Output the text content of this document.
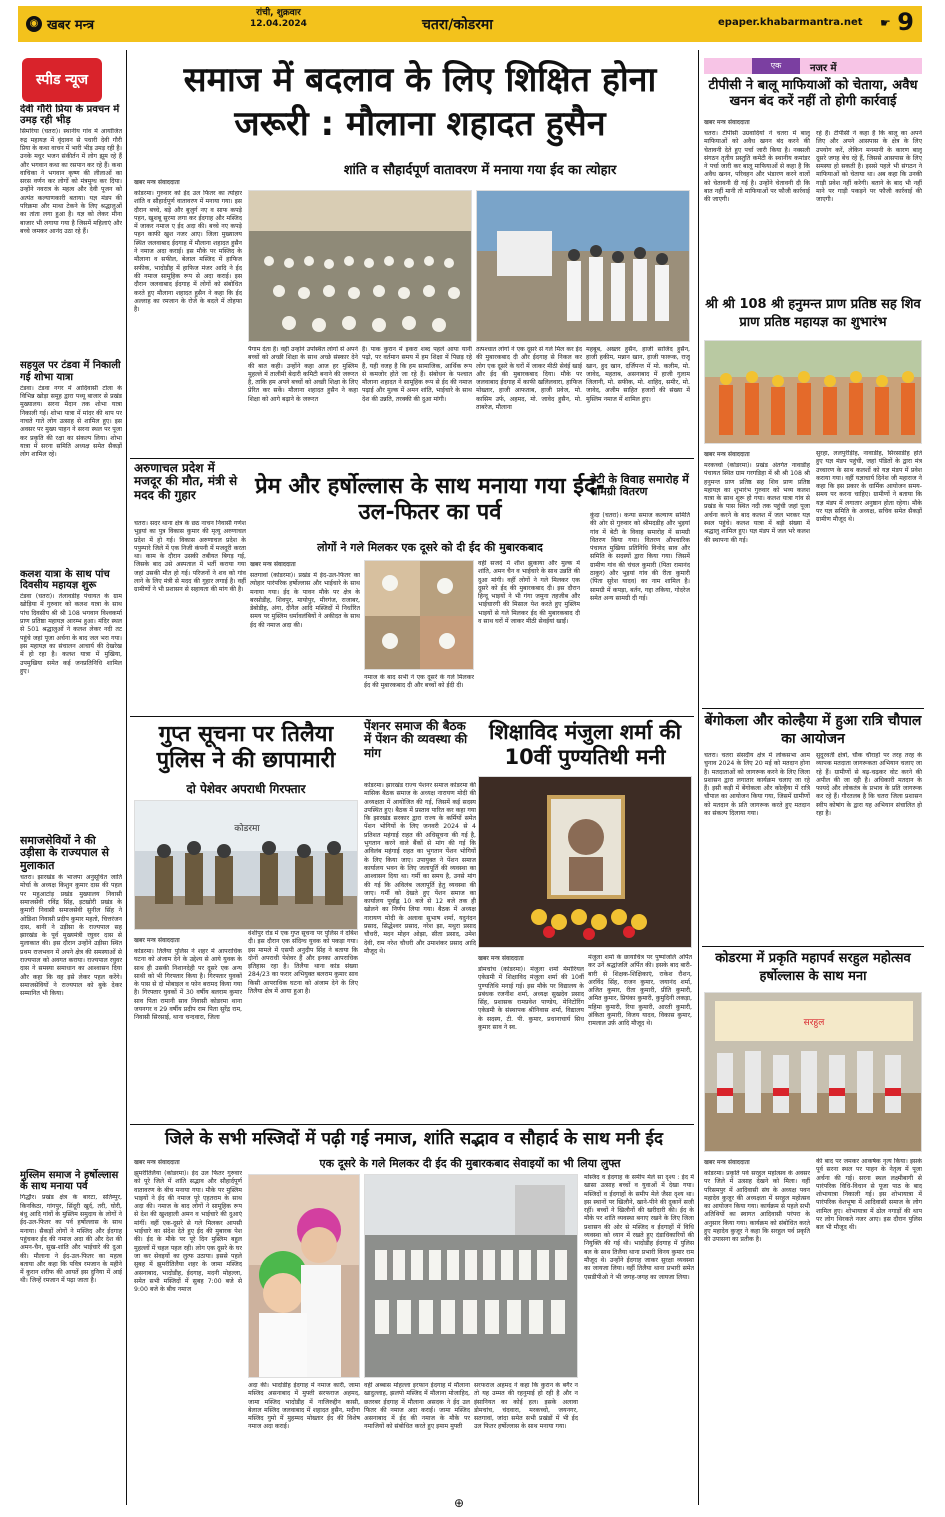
◉ खबर मन्त्र
रांची, शुक्रवार
12.04.2024	चतरा/कोडरमा	epaper.khabarmantra.net ☛ 9
स्पीड न्यूज
देवी गौरी प्रिया के प्रवचन में उमड़ रही भीड़
सिमरिया (चतरा)। स्थानीय गांव में आयोजित रुद्र महायज्ञ में वृंदावन से पधारी देवी गौरी प्रिया के कथा वाचन में भारी भीड़ उमड़ रही है। उनके मधुर भजन संकीर्तन में लोग झूम रहे हैं और भगवान कथा का रसपान कर रहे हैं। कथा वाचिका ने भगवान कृष्ण की लीलाओं का सरस वर्णन कर लोगों को मंत्रमुग्ध कर दिया। उन्होंने नवरात्र के महत्व और देवी पूजन को अत्यंत कल्याणकारी बताया। यज्ञ मंडप की परिक्रमा और माथा टेकने के लिए श्रद्धालुओं का तांता लगा हुआ है। यज्ञ को लेकर मीना बाजार भी लगाया गया है जिसमें महिलाएं और बच्चे जमकर आनंद उठा रहे हैं।
सहयुल पर टंडवा में निकाली गई शोभा यात्रा
टंडवा। टंडवा नगर में आदिवासी टोला के विभिन्न खोड़ा समूह द्वारा पथ्यू बाजार से प्रखंड मुख्यालय। सरना मैदान तक शोभा यात्रा निकाली गई। शोभा यात्रा में मांदर की थाप पर नाचते गाते लोग उत्साह से शामिल हुए। इस अवसर पर मुख्य पाहन ने सरना स्थल पर पूजा कर प्रकृति की रक्षा का संकल्प लिया। शोभा यात्रा में सरना समिति अध्यक्ष समेत सैकड़ों लोग शामिल रहे।
कलश यात्रा के साथ पांच दिवसीय महायज्ञ शुरू
टंडवा (चतरा)। तेलावडीह पंचायत के ग्राम खोड़िया में गुरुवार को कलश यात्रा के साथ पांच दिवसीय श्री श्री 108 भगवान विश्वकर्मा प्राण प्रतिष्ठा महायज्ञ आरम्भ हुआ। मंदिर स्थल से 501 श्रद्धालुओं ने कलश लेकर नदी तट पहुंचे जहां पूजा अर्चना के बाद जल भरा गया। इस महायज्ञ का संचालन आचार्य की देखरेख में हो रहा है। कलश यात्रा में मुखिया, उपमुखिया समेत कई जनप्रतिनिधि शामिल हुए।
समाजसेवियों ने की उड़ीसा के राज्यपाल से मुलाकात
चतरा। झारखंड के भाजपा अनुसूचित जाति मोर्चा के अध्यक्ष किशुन कुमार दास की पहल पर महुआटांड़ प्रखंड मुख्यालय निवासी समाजसेवी रविंद्र सिंह, इटखोरी प्रखंड के कुमारी निवासी समाजसेवी सुनील सिंह ने ओडिशा निवासी प्रदीप कुमार महतो, चित्तरंजन दास, बानी ने उड़ीसा के राज्यपाल सह झारखंड के पूर्व मुख्यमंत्री रघुवर दास से मुलाकात की। इस दौरान उन्होंने उड़ीसा स्थित प्रथम राजभवन में अपने क्षेत्र की समस्याओं से राज्यपाल को अवगत कराया। राज्यपाल रघुवर दास ने समस्या समाधान का आश्वासन दिया और कहा कि वह इसे लेकर पहल करेंगे। समाजसेवियों ने राज्यपाल को बुके देकर सम्मानित भी किया।
मुस्लिम समाज ने हर्षोल्लास के साथ मनाया पर्व
गिद्धौर। प्रखंड क्षेत्र के बारटा, सतिम्पुर, किनकिठा, गांगपुर, सिंदूरी खुर्द, तरी, घोरी, बंधु आदि गांवों के मुस्लिम समुदाय के लोगों ने ईद-उल-फितर का पर्व हर्षोल्लास के साथ मनाया। सैकड़ों लोगों ने मस्जिद और ईदगाह पहुंचकर ईद की नमाज अदा की और देश की अमन-चैन, सुख-शांति और भाईचारे की दुआ की। मौलाना ने ईद-उल-फितर का महत्व बताया और कहा कि पवित्र रमजान के महीने में कुरान शरीफ की आयतें इस दुनिया में आई थी। जिन्हें रमजान में पढ़ा जाता है।
समाज में बदलाव के लिए शिक्षित होना जरूरी : मौलाना शहादत हुसैन
शांति व सौहार्दपूर्ण वातावरण में मनाया गया ईद का त्योहार
खबर मन्त्र संवाददाता
कोडरमा। गुरुवार को ईद उल फितर का त्योहार शांति व सौहार्दपूर्ण वातावरण में मनाया गया। इस दौरान बच्चे, बड़े और बुजुर्ग नए व साफ कपड़े पहन, खुशबू सुरमा लगा कर ईदगाह और मस्जिद में जाकर नमाज ए ईद अदा की। बच्चे नए कपड़े पहन काफी खुश नजर आए। जिला मुख्यालय स्थित जलवाबाद ईदगाह में मौलाना शहादत हुसैन ने नमाज अदा कराई। इस मौके पर मस्जिद के मौलाना व सफील, बेलाल मस्जिद में हाफिज सफीक, भादोडीह में हाफिज मंजर आदि ने ईद की नमाज सामूहिक रूप से अदा कराई। इस दौरान जलवाबाद ईदगाह में लोगों को संबोधित करते हुए मौलाना शहादत हुसैन ने कहा कि ईद अल्लाह का रमजान के रोजे के बदले में तोहफा है।
पैगाम देता है। वहीं उन्होंने उपस्थित लोगों से अपने बच्चों को अच्छी शिक्षा के साथ अच्छे संस्कार देने की बात कही। उन्होंने कहा आज हर मुस्लिम मुहल्ले में तालीमी बेदारी कमिटी बनाने की जरूरत है, ताकि हम अपने बच्चों को अच्छी शिक्षा के लिए प्रेरित कर सकें। मौलाना शहादत हुसैन ने कहा शिक्षा को आगे बढ़ाने के जरूरत
है। पाक कुरान में इकरा शब्द पहले आया यानी पढ़ो, पर वर्तमान समय में हम शिक्षा में पिछड़ रहे हैं, यही वजह है कि हम सामाजिक, आर्थिक रूप से कमजोर होते जा रहे हैं। संबोधन के पश्चात मौलाना शहादत ने सामूहिक रूप से ईद की नमाज पढ़ाई और मुल्क में अमन शांति, भाईचारे के साथ देश की उन्नति, तरक्की की दुआ मांगी।
तत्पश्चात लोगों ने एक दूसरे से गले मिल कर ईद की मुबारकबाद दी और ईदगाह से निकल कर लोग एक दूसरे के घरों में जाकर मीठी सेवंई खाई और ईद की मुबारकबाद दिया। मौके पर जलवाबाद ईदगाह में काफी खलिलवारा, हाफिज मोख्तार, हाजी आफताब, हाजी प्रवेज, मो. कासिम उर्फ, अहमद, मो. जावेद हुसैन, मो. ताबरेज, मौलाना
महबूब, अख्तर हुसैन, हाजी साजिद हुसैन, हाजी हकीम, मन्नान खान, हाजी फारूक, राजू खान, हुद खान, दर्जिपन्त में मो. कलीम, मो. जावेद, महताब, असनाबाद में हाजी गुलाम जिलानी, मो. सफीक, मो. शाहिद, समीर, मो. जावेद, अजीम साहित हजारों की संख्या में मुस्लिम नमाज में शामिल हुए।
अरुणाचल प्रदेश में मजदूर की मौत, मंत्री से मदद की गुहार
चतरा। सदर थाना क्षेत्र के छठ नाचन निवासी गणेश भुइयां का पुत्र विकास कुमार की मृत्यु अरुणाचल प्रदेश में हो गई। विकास अरुणाचल प्रदेश के पपुम्पारे जिले में एक निजी कंपनी में मजदूरी करता था। काम के दौरान उसकी तबीयत बिगड़ गई, जिसके बाद उसे अस्पताल में भर्ती कराया गया जहां उसकी मौत हो गई। परिजनों ने शव को गांव लाने के लिए मंत्री से मदद की गुहार लगाई है। वहीं ग्रामीणों ने भी प्रशासन से सहायता की मांग की है।
प्रेम और हर्षोल्लास के साथ मनाया गया ईद-उल-फितर का पर्व
लोगों ने गले मिलकर एक दूसरे को दी ईद की मुबारकबाद
खबर मन्त्र संवाददाता
सतगावां (कोडरमा)। प्रखंड में ईद-उल-फितर का त्योहार पारंपरिक हर्षोल्लास और भाईचारे के साथ मनाया गया। ईद के पावन मौके पर क्षेत्र के बरसोडीह, शिवपुर, मायोपुर, मीरगंज, राजाबर, डेबोडीह, अंगा, दीनैल आदि मस्जिदों में निर्धारित समय पर मुस्लिम धर्मावलंबियों ने अकीदत के साथ ईद की नमाज अदा की।
नमाज के बाद सभी ने एक दूसरे के गले मिलकर ईद की मुबारकबाद दी और बच्चों को ईदी दी।
वहीं सजदे में शीश झुकाया और मुल्क में शांति, अमन चैन व भाईचारे के साथ उन्नति की दुआ मांगी। वहीं लोगों ने गले मिलकर एक दूसरे को ईद की मुबारकबाद दी। इस दौरान हिन्दू भाइयों ने भी गंगा जमुना तहजीब और भाईचारगी की मिसाल पेश करते हुए मुस्लिम भाइयों से गले मिलकर ईद की मुबारकबाद दी व साथ घरों में जाकर मीठी सेवईयां खाईं।
बेटी के विवाह समारोह में सामग्री वितरण
कुंदा (चतरा)। कन्या समाज कल्याण समिति की ओर से गुरुवार को श्रीमदडीह और भुइयां गांव में बेटी के विवाह समारोह में सामग्री वितरण किया गया। वितरण औपचारिक पंचायत मुखिया प्रतिनिधि विनोद साव और समिति के सदस्यों द्वारा किया गया। जिसमें ग्रामीण गांव की चंचल कुमारी (पिता रामानंद ठाकुर) और भुइयां गांव की रीता कुमारी (पिता सुरेश यादव) का नाम शामिल है। सामग्री में कपड़ा, बर्तन, गद्दा तकिया, गोदरेज समेत अन्य सामग्री दी गई।
गुप्त सूचना पर तिलैया पुलिस ने की छापामारी
दो पेशेवर अपराधी गिरफ्तार
कोडरमा
खबर मन्त्र संवाददाता
कोडरमा। तिलैया पुलिस ने शहर में आपराधिक घटना को अंजाम देने के उद्देश्य से आये युवक के साथ ही उसकी निशानदेही पर दूसरे एक अन्य साथी को भी गिरफ्तार किया है। गिरफ्तार युवकों के पास से दो मोबाइल व फोन बरामद किया गया है। गिरफ्तार युवकों में 30 वर्षीय बलराम कुमार साव पिता रामानी साव निवासी कोडरमा थाना जयनगर व 29 वर्षीय प्रदीप राम पिता सुरेंद्र राम, निवासी सिरसाई, थाना चन्दवारा, जिला
वंशीपुर रोड में एक गुप्त सूचना पर पुलिस ने दबिश दी। इस दौरान एक संदिग्ध युवक को पकड़ा गया। इस मामले में एसपी अनुदीप सिंह ने बताया कि दोनों अपराधी पेशेवर हैं और इनका आपराधिक इतिहास रहा है। तिलैया थाना कांड संख्या 284/23 का फरार अभियुक्त बलराम कुमार साव किसी आपराधिक घटना को अंजाम देने के लिए तिलैया क्षेत्र में आया हुआ है।
पेंशनर समाज की बैठक में पेंशन की व्यवस्था की मांग
कोडरमा। झारखंड राज्य पेंशनर समाज कोडरमा की मासिक बैठक समाज के अध्यक्ष नारायण मोदी की अध्यक्षता में आयोजित की गई, जिसमें कई सदस्य उपस्थित हुए। बैठक में प्रस्ताव पारित कर कहा गया कि झारखंड सरकार द्वारा राज्य के कर्मियों समेत पेंशन भोगियों के लिए जनवरी 2024 से 4 प्रतिशत महंगाई राहत की अधिसूचना की गई है, भुगतान करने वाले बैंकों से मांग की गई कि अविलंब महंगाई राहत का भुगतान पेंशन भोगियों के लिए किया जाए। उपायुक्त ने पेंशन समाज कार्यालय भवन के लिए जलापूर्ति की व्यवस्था का आश्वासन दिया था। गर्मी का समय है, उनसे मांग की गई कि अविलंब जलापूर्ति हेतु व्यवस्था की जाए। गर्मी को देखते हुए पेंशन समाज का कार्यालय पूर्वाह्न 10 बजे से 12 बजे तक ही खोलने का निर्णय लिया गया। बैठक में अध्यक्ष नारायण मोदी के अलावा सुभाष शर्मा, यदुनंदन प्रसाद, सिद्धेश्वर प्रसाद, नरेश झा, मथुरा प्रसाद चौधरी, मदन मोहन ओझा, सीता प्रसाद, उमेश देवी, राम नरेश चौधरी और उमाशंकर प्रसाद आदि मौजूद थे।
शिक्षाविद मंजुला शर्मा की 10वीं पुण्यतिथी मनी
खबर मन्त्र संवाददाता
डोमचांच (कोडरमा)। मंजुला शर्मा मेमोरियल एकेडमी में शिक्षाविद मंजुला शर्मा की 10वीं पुण्यतिथि मनाई गई। इस मौके पर विद्यालय के प्रबंधक रजनीश शर्मा, अध्यक्ष सुखदेव प्रसाद सिंह, प्रशासक रामप्रवेश पाण्डेय, मेनिटोरिंग एकेडमी के संस्थापक श्रीनिवास शर्मा, विद्यालय के सदस्य, टी. पी. कुमार, प्रधानाचार्य सिध कुमार साव ने स्व.
मंजुला शर्मा के छायाचित्र पर पुष्पांजलि अर्पित कर उनें श्रद्धांजलि अर्पित की। इसके बाद बारी-बारी से शिक्षक-शिक्षिकाएं, राकेश रौशन, अरविंद सिंह, राजन कुमार, जयानंद शर्मा, अजित कुमार, रीता कुमारी, प्रीति कुमारी, अमित कुमार, प्रियंका कुमारी, कुमुदिनी लकड़ा, महिमा कुमारी, रिया कुमारी, आरती कुमारी, अंकिता कुमारी, विजय यादव, विकास कुमार, रामलाल उर्फ़ आदि मौजूद थे।
जिले के सभी मस्जिदों में पढ़ी गई नमाज, शांति सद्भाव व सौहार्द के साथ मनी ईद
खबर मन्त्र संवाददाता	एक दूसरे के गले मिलकर दी ईद की मुबारकबाद सेवाइयों का भी लिया लुफ्त
झुमरीतिलैया (कोडरमा)। ईद उल फितर गुरुवार को पूरे जिले में शांति सद्भाव और सौहार्दपूर्ण वातावरण के बीच मनाया गया। मौके पर मुस्लिम भाइयों ने ईद की नमाज पूरे एहतराम के साथ अदा की। नमाज के बाद लोगों ने सामूहिक रूप से देश की खुशहाली अमन व भाईचारे की दुआएं मांगीं। वहीं एक-दूसरे से गले मिलकर आपसी भाईचारे का संदेश देते हुए ईद की मुबारक पेश की। ईद के मौके पर पूरे दिन मुस्लिम बहुल मुहल्लों में चहल पहल रही। लोग एक दूसरे के घर जा कर सेवइयों का लुत्फ उठाया। इससे पहले सुबह में झुमरीतिलैया शहर के जामा मस्जिद असनाबाद, भादोडीह, ईदगाह, मदनी मोहल्ला, समेत सभी मस्जिदों में सुबह 7:00 बजे से 9:00 बजे के बीच नमाज
अदा की। भादोडीह ईदगाह में नमाज कारी, जामा मस्जिद असनाबाद में मुफ्ती सरफराज अहमद, जामा मस्जिद भादोडीह में नाजिरुद्दीन कासी, बेलाल मस्जिद जलवाबाद में शहादत हुसैन, मदीना मस्जिद गुमो में मुहम्मद मोख्तार ईद की विशेष नमाज अदा कराई।
वहीं अब्बास मोहल्ला इरफान ईदगाह में मौलाना खादुल्लाह, झलपो मस्जिद में मौलाना मोजाहिद, छतरबर ईदगाह में मौलाना असदक ने ईद उल फितर की नमाज अदा कराई। जामा मस्जिद असनाबाद में ईद की नमाज के मौके पर नमाजियों को संबोधित करते हुए इमाम मुफ्ती
सरफराज अहमद ने कहा कि कुरान के बगैर न तो यह उम्मत की रहनुमाई हो रही है और न इंसानियत का कोई हल। इसके अलावा डोमचांच, चंदवारा, मरकच्चो, जयनगर, सतगावां, जांदा समेत सभी प्रखंडों में भी ईद उल फितर हर्षोल्लास के साथ मनाया गया।
मस्जिद व ईदगाह के समीप मेले सा दृश्य : ईद में खासा उत्साह बच्चों व युवाओं में देखा गया। मस्जिदों व ईदगाहों के समीप मेले जैसा दृश्य था। इस स्थानों पर खिलौने, खाने-पीने की दुकानें सजी रहीं। बच्चों ने खिलौनों की खरीदारी की। ईद के मौके पर शांति व्यवस्था बनाए रखने के लिए जिला प्रशासन की ओर से मस्जिद व ईदगाहों में विधि व्यवस्था को ध्यान में रखते हुए दंडाधिकारियों की नियुक्ति की गई थी। भादोडीह ईदगाह में पुलिस बल के साथ तिलैया थाना प्रभारी विनय कुमार राम मौजूद थे। उन्होंने ईदगाह जाकर सुरक्षा व्यवस्था का जायजा लिया। वहीं तिलैया थाना प्रभारी समेत एसडीपीओ ने भी जगह-जगह का जायजा लिया।
⊕
एक	नजर में
टीपीसी ने बालू माफियाओं को चेताया, अवैध खनन बंद करें नहीं तो होगी कार्रवाई
खबर मन्त्र संवाददाता
चतरा। टीपीसी उग्रवादियों ने चतरा में बालू माफियाओं को अवैध खनन बंद करने की चेतावनी देते हुए पर्चा जारी किया है। नक्सली संगठन तृतीय प्रस्तुति कमेटी के स्थानीय कमांडर ने पर्चा जारी कर बालू माफियाओं से कहा है कि अवैध खनन, परिवहन और भंडारण करने वालों को चेतावनी दी गई है। उन्होंने चेतावनी दी कि बात नहीं मानी तो माफियाओं पर फौजी कार्रवाई की जाएगी।
रहे हैं। टीपीसी ने कहा है कि बालू का अपने लिए और अपने आसपास के क्षेत्र के लिए उपयोग करें, लेकिन मनमानी के कारण बालू दूसरे जगह बेच रहे हैं, जिससे आसपास के लिए समस्या हो सकती है। इससे पहले भी संगठन ने माफियाओं को चेताया था। अब कहा कि उनकी गाड़ी प्रवेश नहीं करेगी। बताने के बाद भी नहीं माने पर गाड़ी पकड़ने पर फौजी कार्रवाई की जाएगी।
श्री श्री 108 श्री हनुमन्त प्राण प्रतिष्ठ सह शिव प्राण प्रतिष्ठ महायज्ञ का शुभारंभ
खबर मन्त्र संवाददाता
मरकच्चो (कोडरमा)। प्रखंड अंतर्गत नावाडीह पंचायत स्थित ग्राम गरगडिहा में श्री श्री 108 श्री हनुमन्त प्राण प्रतिष्ठ सह शिव प्राण प्रतिष्ठ महायज्ञ का शुभारंभ गुरुवार को भव्य कलश यात्रा के साथ शुरू हो गया। कलश यात्रा गांव से प्रखंड के पास स्थित नदी तक पहुंची जहां पूजा अर्चना करने के बाद कलश में जल भरकर यज्ञ स्थल पहुंचे। कलश यात्रा में बड़ी संख्या में श्रद्धालु शामिल हुए। यज्ञ मंडप में जल भरे कलश की स्थापना की गई।
सुरहा, ललपुरीड़ीह, नावाडीह, सिरसाडीह होते हुए यज्ञ मंडप पहुंची, जहां पंडितों के द्वारा मंत्र उच्चारण के साथ कलशों को यज्ञ मंडप में प्रवेश कराया गया। वहीं यज्ञाचार्य दिनेश जी महाराज ने कहा कि इस प्रकार के धार्मिक आयोजन समय-समय पर करना चाहिए। ग्रामीणों ने बताया कि यज्ञ मंडप में लगातार अनुष्ठान होता रहेगा। मौके पर यज्ञ समिति के अध्यक्ष, सचिव समेत सैकड़ों ग्रामीण मौजूद थे।
बेंगोकला और कोल्हैया में हुआ रात्रि चौपाल का आयोजन
चतरा। चतरा संसदीय क्षेत्र में लोकसभा आम चुनाव 2024 के लिए 20 मई को मतदान होना है। मतदाताओं को जागरूक करने के लिए जिला प्रशासन द्वारा लगातार कार्यक्रम चलाए जा रहे हैं। इसी कड़ी में बेंगोकला और कोल्हैया में रात्रि चौपाल का आयोजन किया गया, जिसमें ग्रामीणों को मतदान के प्रति जागरूक करते हुए मतदान का संकल्प दिलाया गया।
सुदूरवर्ती क्षेत्रों, चौक चौराहों पर तरह तरह के व्यापक मतदाता जागरूकता अभियान चलाए जा रहे हैं। ग्रामीणों से बढ़-चढ़कर वोट करने की अपील की जा रही है। अधिकारी मतदान के फायदे और लोकतंत्र के प्रभाव के प्रति जागरूक कर रहे हैं। गौरतलब है कि चतरा जिला प्रशासन स्वीप कोषांग के द्वारा यह अभियान संचालित हो रहा है।
कोडरमा में प्रकृति महापर्व सरहुल महोत्सव हर्षोल्लास के साथ मना
सरहुल
खबर मन्त्र संवाददाता
कोडरमा। प्रकृति पर्व सरहुल महोत्सव के अवसर पर जिले में उत्साह देखने को मिला। वहीं परिसमपुर में आदिवासी संघ के अध्यक्ष पवन महादेव कुजूर की अध्यक्षता में सरहुल महोत्सव का आयोजन किया गया। कार्यक्रम से पहले सभी अतिथियों का स्वागत आदिवासी परंपरा के अनुसार किया गया। कार्यक्रम को संबोधित करते हुए महादेव कुजूर ने कहा कि सरहुल पर्व प्रकृति की उपासना का प्रतीक है।
की बाद पर जमकर आकर्षक नृत्य किया। इसके पूर्व सरना स्थल पर पाहन के नेतृत्व में पूजा अर्चना की गई। सरना स्थल लक्ष्मीबागी से पारंपरिक विधि-विधान से पूजा पाठ के बाद शोभायात्रा निकाली गई। इस शोभायात्रा में पारंपरिक वेशभूषा में आदिवासी समाज के लोग शामिल हुए। शोभायात्रा में ढोल नगाड़ों की थाप पर लोग थिरकते नजर आए। इस दौरान पुलिस बल भी मौजूद थी।
